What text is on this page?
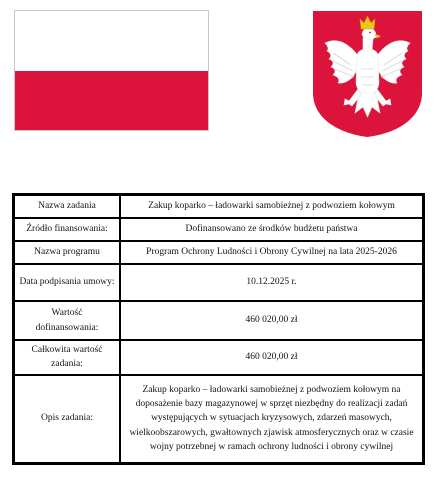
Nazwa zadania	Zakup koparko – ładowarki samobieżnej z podwoziem kołowym
Źródło finansowania:	Dofinansowano ze środków budżetu państwa
Nazwa programu	Program Ochrony Ludności i Obrony Cywilnej na lata 2025-2026
Data podpisania umowy:	10.12.2025 r.
Wartość dofinansowania:	460 020,00 zł
Całkowita wartość zadania:	460 020,00 zł
Opis zadania:	Zakup koparko – ładowarki samobieżnej z podwoziem kołowym na doposażenie bazy magazynowej w sprzęt niezbędny do realizacji zadań występujących w sytuacjach kryzysowych, zdarzeń masowych, wielkoobszarowych, gwałtownych zjawisk atmosferycznych oraz w czasie wojny potrzebnej w ramach ochrony ludności i obrony cywilnej
